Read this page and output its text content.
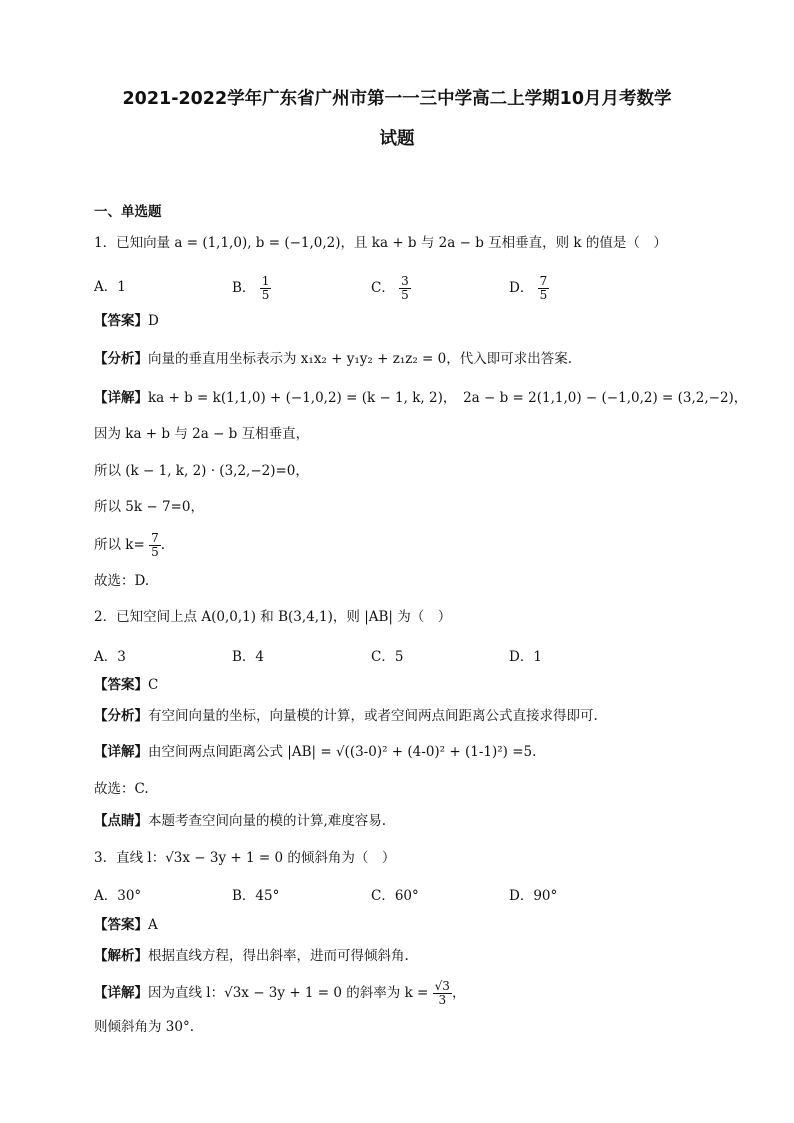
2021-2022学年广东省广州市第一一三中学高二上学期10月月考数学
试题
一、单选题
1．已知向量 a = (1,1,0), b = (−1,0,2)，且 ka + b 与 2a − b 互相垂直，则 k 的值是（　）
A．1	B． $\frac{1}{5}$	C． $\frac{3}{5}$	D． $\frac{7}{5}$
【答案】D
【分析】向量的垂直用坐标表示为 x₁x₂ + y₁y₂ + z₁z₂ = 0，代入即可求出答案.
【详解】ka + b = k(1,1,0) + (−1,0,2) = (k − 1, k, 2)，　2a − b = 2(1,1,0) − (−1,0,2) = (3,2,−2)，
因为 ka + b 与 2a − b 互相垂直，
所以 (k − 1, k, 2) · (3,2,−2)=0，
所以 5k − 7=0，
所以 $k= \frac{7}{5}$ .
故选：D.
2．已知空间上点 A(0,0,1) 和 B(3,4,1)，则 |AB| 为（　）
A．3	B．4	C．5	D．1
【答案】C
【分析】有空间向量的坐标，向量模的计算，或者空间两点间距离公式直接求得即可.
【详解】由空间两点间距离公式 |AB| = √((3-0)² + (4-0)² + (1-1)²) =5.
故选：C.
【点睛】本题考查空间向量的模的计算,难度容易.
3．直线 l：√3x − 3y + 1 = 0 的倾斜角为（　）
A．30°	B．45°	C．60°	D．90°
【答案】A
【解析】根据直线方程，得出斜率，进而可得倾斜角.
【详解】因为直线 l：√3x − 3y + 1 = 0 的斜率为 $k = \frac{√3}{3}$ ，
则倾斜角为 30°.
